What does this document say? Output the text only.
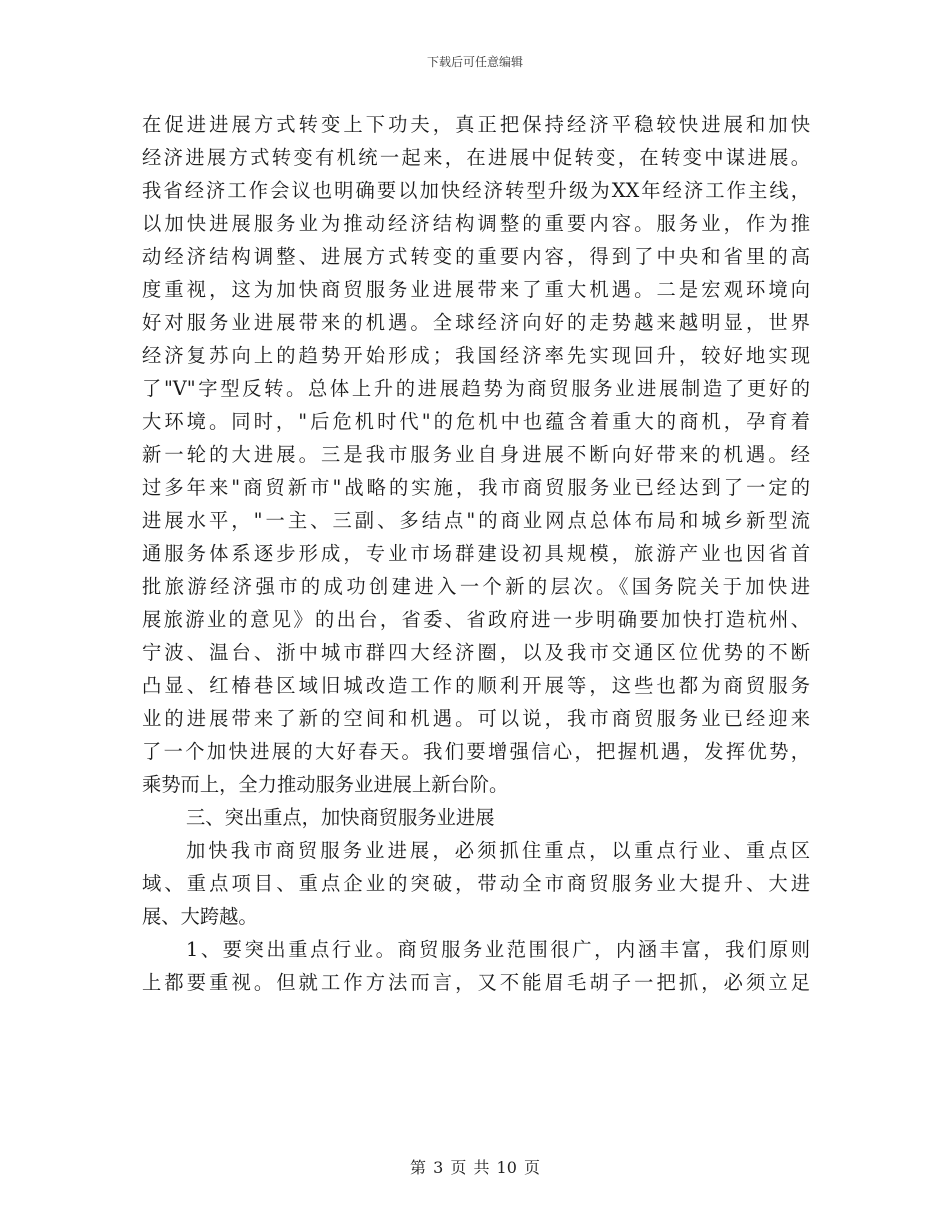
下载后可任意编辑
在促进进展方式转变上下功夫，真正把保持经济平稳较快进展和加快
经济进展方式转变有机统一起来，在进展中促转变，在转变中谋进展。
我省经济工作会议也明确要以加快经济转型升级为XX年经济工作主线，
以加快进展服务业为推动经济结构调整的重要内容。服务业，作为推
动经济结构调整、进展方式转变的重要内容，得到了中央和省里的高
度重视，这为加快商贸服务业进展带来了重大机遇。二是宏观环境向
好对服务业进展带来的机遇。全球经济向好的走势越来越明显，世界
经济复苏向上的趋势开始形成；我国经济率先实现回升，较好地实现
了"V"字型反转。总体上升的进展趋势为商贸服务业进展制造了更好的
大环境。同时，"后危机时代"的危机中也蕴含着重大的商机，孕育着
新一轮的大进展。三是我市服务业自身进展不断向好带来的机遇。经
过多年来"商贸新市"战略的实施，我市商贸服务业已经达到了一定的
进展水平，"一主、三副、多结点"的商业网点总体布局和城乡新型流
通服务体系逐步形成，专业市场群建设初具规模，旅游产业也因省首
批旅游经济强市的成功创建进入一个新的层次。《国务院关于加快进
展旅游业的意见》的出台，省委、省政府进一步明确要加快打造杭州、
宁波、温台、浙中城市群四大经济圈，以及我市交通区位优势的不断
凸显、红椿巷区域旧城改造工作的顺利开展等，这些也都为商贸服务
业的进展带来了新的空间和机遇。可以说，我市商贸服务业已经迎来
了一个加快进展的大好春天。我们要增强信心，把握机遇，发挥优势，
乘势而上，全力推动服务业进展上新台阶。
三、突出重点，加快商贸服务业进展
加快我市商贸服务业进展，必须抓住重点，以重点行业、重点区
域、重点项目、重点企业的突破，带动全市商贸服务业大提升、大进
展、大跨越。
1、要突出重点行业。商贸服务业范围很广，内涵丰富，我们原则
上都要重视。但就工作方法而言，又不能眉毛胡子一把抓，必须立足
第 3 页 共 10 页
